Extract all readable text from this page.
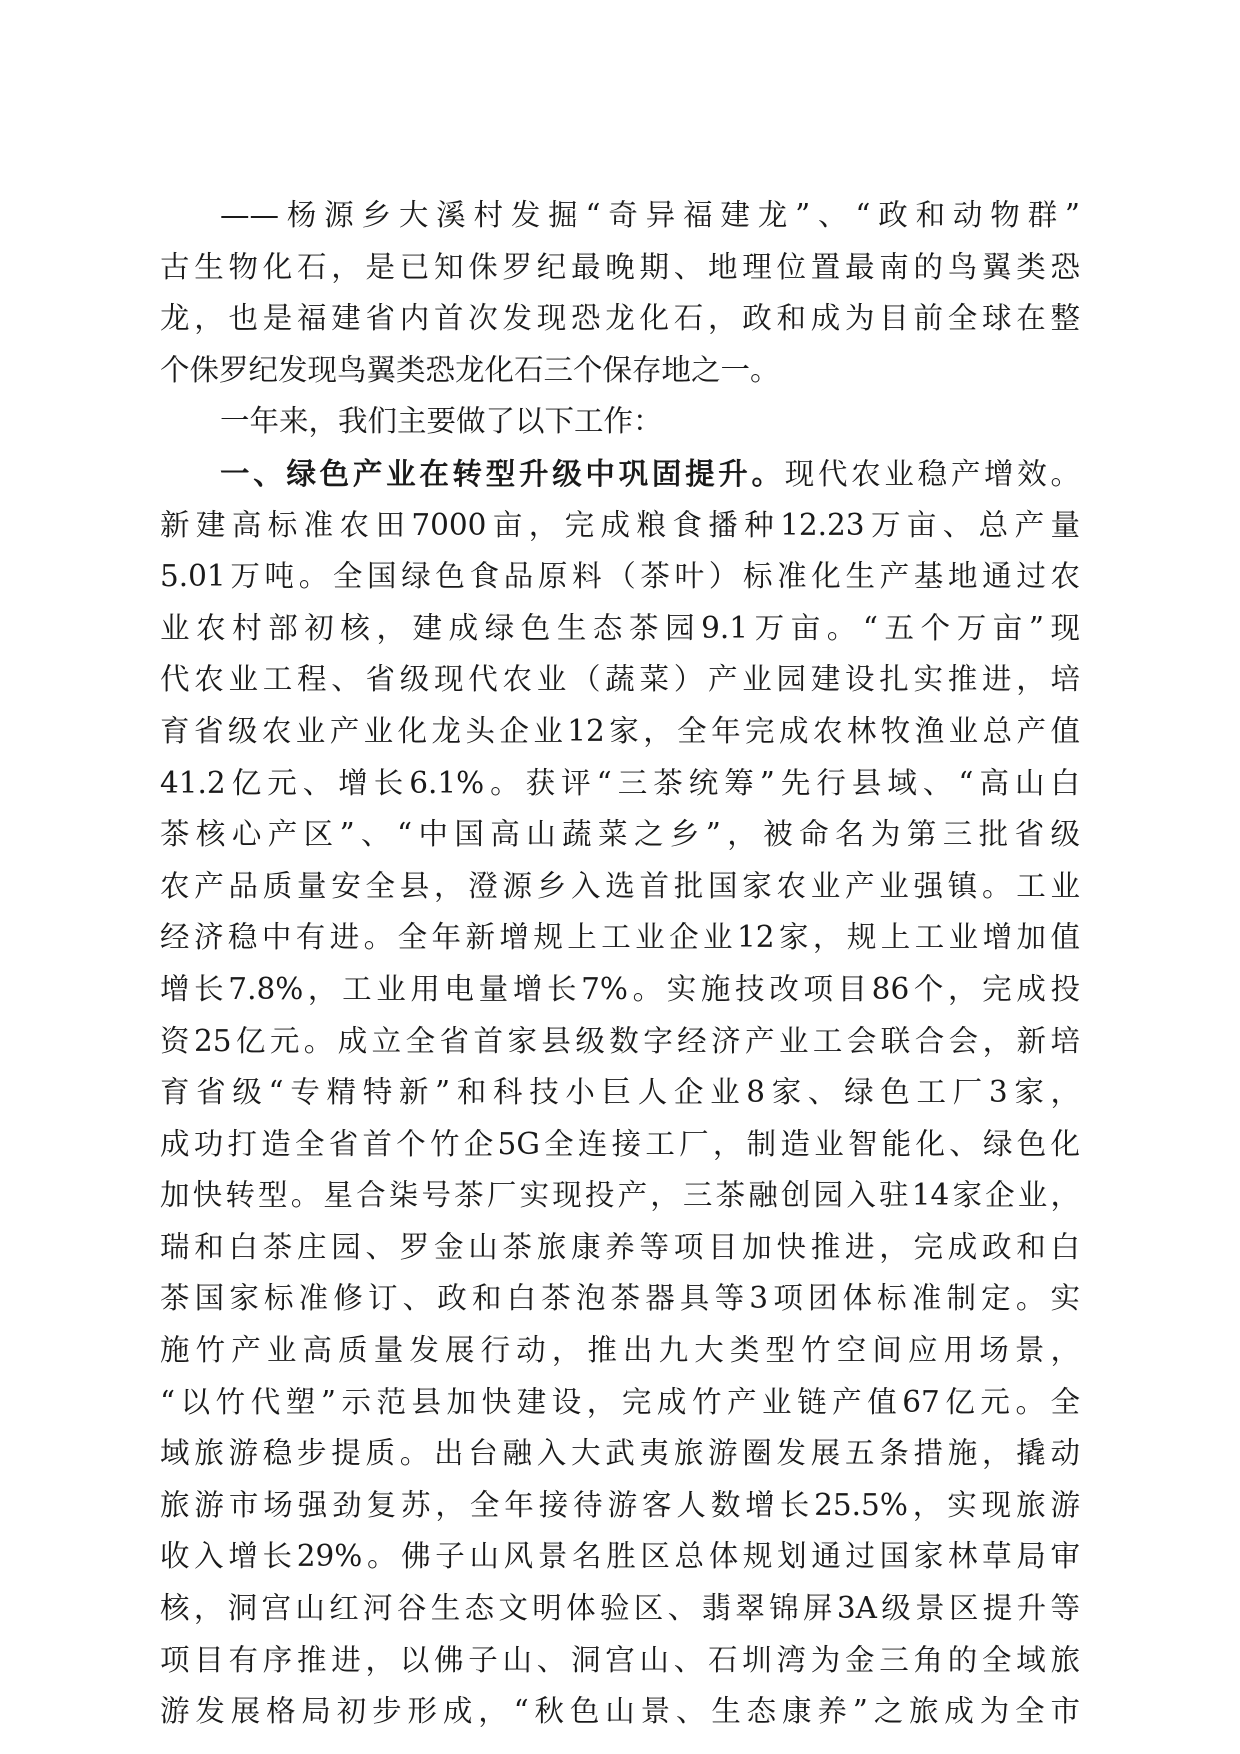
——杨源乡大溪村发掘“奇异福建龙”、“政和动物群”
古生物化石，是已知侏罗纪最晚期、地理位置最南的鸟翼类恐
龙，也是福建省内首次发现恐龙化石，政和成为目前全球在整
个侏罗纪发现鸟翼类恐龙化石三个保存地之一。
一年来，我们主要做了以下工作：
一、绿色产业在转型升级中巩固提升。现代农业稳产增效。
新建高标准农田7000亩，完成粮食播种12.23万亩、总产量
5.01万吨。全国绿色食品原料（茶叶）标准化生产基地通过农
业农村部初核，建成绿色生态茶园9.1万亩。“五个万亩”现
代农业工程、省级现代农业（蔬菜）产业园建设扎实推进，培
育省级农业产业化龙头企业12家，全年完成农林牧渔业总产值
41.2亿元、增长6.1%。获评“三茶统筹”先行县域、“高山白
茶核心产区”、“中国高山蔬菜之乡”，被命名为第三批省级
农产品质量安全县，澄源乡入选首批国家农业产业强镇。工业
经济稳中有进。全年新增规上工业企业12家，规上工业增加值
增长7.8%，工业用电量增长7%。实施技改项目86个，完成投
资25亿元。成立全省首家县级数字经济产业工会联合会，新培
育省级“专精特新”和科技小巨人企业8家、绿色工厂3家，
成功打造全省首个竹企5G全连接工厂，制造业智能化、绿色化
加快转型。星合柒号茶厂实现投产，三茶融创园入驻14家企业，
瑞和白茶庄园、罗金山茶旅康养等项目加快推进，完成政和白
茶国家标准修订、政和白茶泡茶器具等3项团体标准制定。实
施竹产业高质量发展行动，推出九大类型竹空间应用场景，
“以竹代塑”示范县加快建设，完成竹产业链产值67亿元。全
域旅游稳步提质。出台融入大武夷旅游圈发展五条措施，撬动
旅游市场强劲复苏，全年接待游客人数增长25.5%，实现旅游
收入增长29%。佛子山风景名胜区总体规划通过国家林草局审
核，洞宫山红河谷生态文明体验区、翡翠锦屏3A级景区提升等
项目有序推进，以佛子山、洞宫山、石圳湾为金三角的全域旅
游发展格局初步形成，“秋色山景、生态康养”之旅成为全市
